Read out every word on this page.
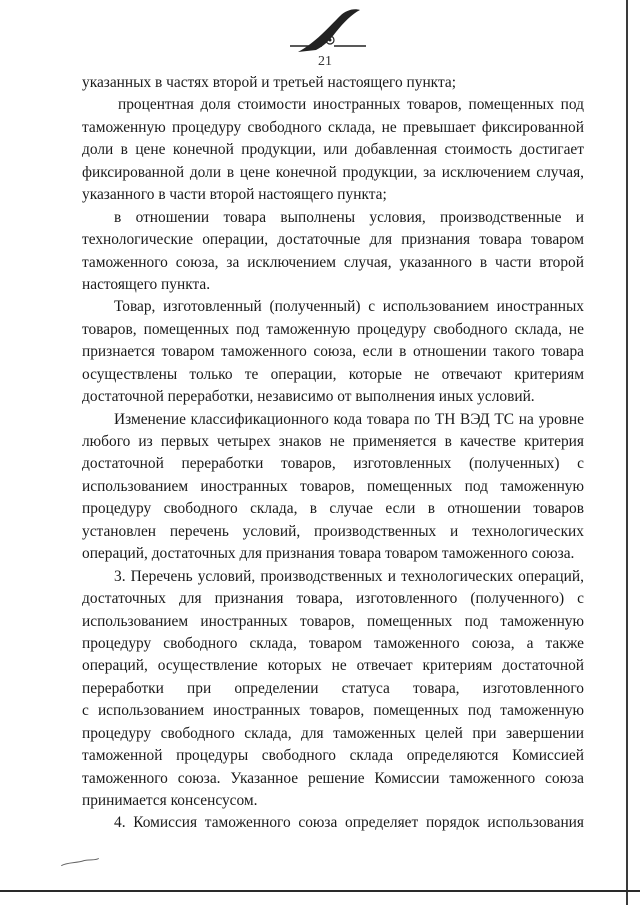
21
указанных в частях второй и третьей настоящего пункта;
процентная доля стоимости иностранных товаров, помещенных под
таможенную процедуру свободного склада, не превышает фиксированной
доли в цене конечной продукции, или добавленная стоимость достигает
фиксированной доли в цене конечной продукции, за исключением случая,
указанного в части второй настоящего пункта;
в отношении товара выполнены условия, производственные и
технологические операции, достаточные для признания товара товаром
таможенного союза, за исключением случая, указанного в части второй
настоящего пункта.
Товар, изготовленный (полученный) с использованием иностранных
товаров, помещенных под таможенную процедуру свободного склада, не
признается товаром таможенного союза, если в отношении такого товара
осуществлены только те операции, которые не отвечают критериям
достаточной переработки, независимо от выполнения иных условий.
Изменение классификационного кода товара по ТН ВЭД ТС на уровне
любого из первых четырех знаков не применяется в качестве критерия
достаточной переработки товаров, изготовленных (полученных) с
использованием иностранных товаров, помещенных под таможенную
процедуру свободного склада, в случае если в отношении товаров
установлен перечень условий, производственных и технологических
операций, достаточных для признания товара товаром таможенного союза.
3. Перечень условий, производственных и технологических операций,
достаточных для признания товара, изготовленного (полученного) с
использованием иностранных товаров, помещенных под таможенную
процедуру свободного склада, товаром таможенного союза, а также
операций, осуществление которых не отвечает критериям достаточной
переработки при определении статуса товара, изготовленного
с использованием иностранных товаров, помещенных под таможенную
процедуру свободного склада, для таможенных целей при завершении
таможенной процедуры свободного склада определяются Комиссией
таможенного союза. Указанное решение Комиссии таможенного союза
принимается консенсусом.
4. Комиссия таможенного союза определяет порядок использования
